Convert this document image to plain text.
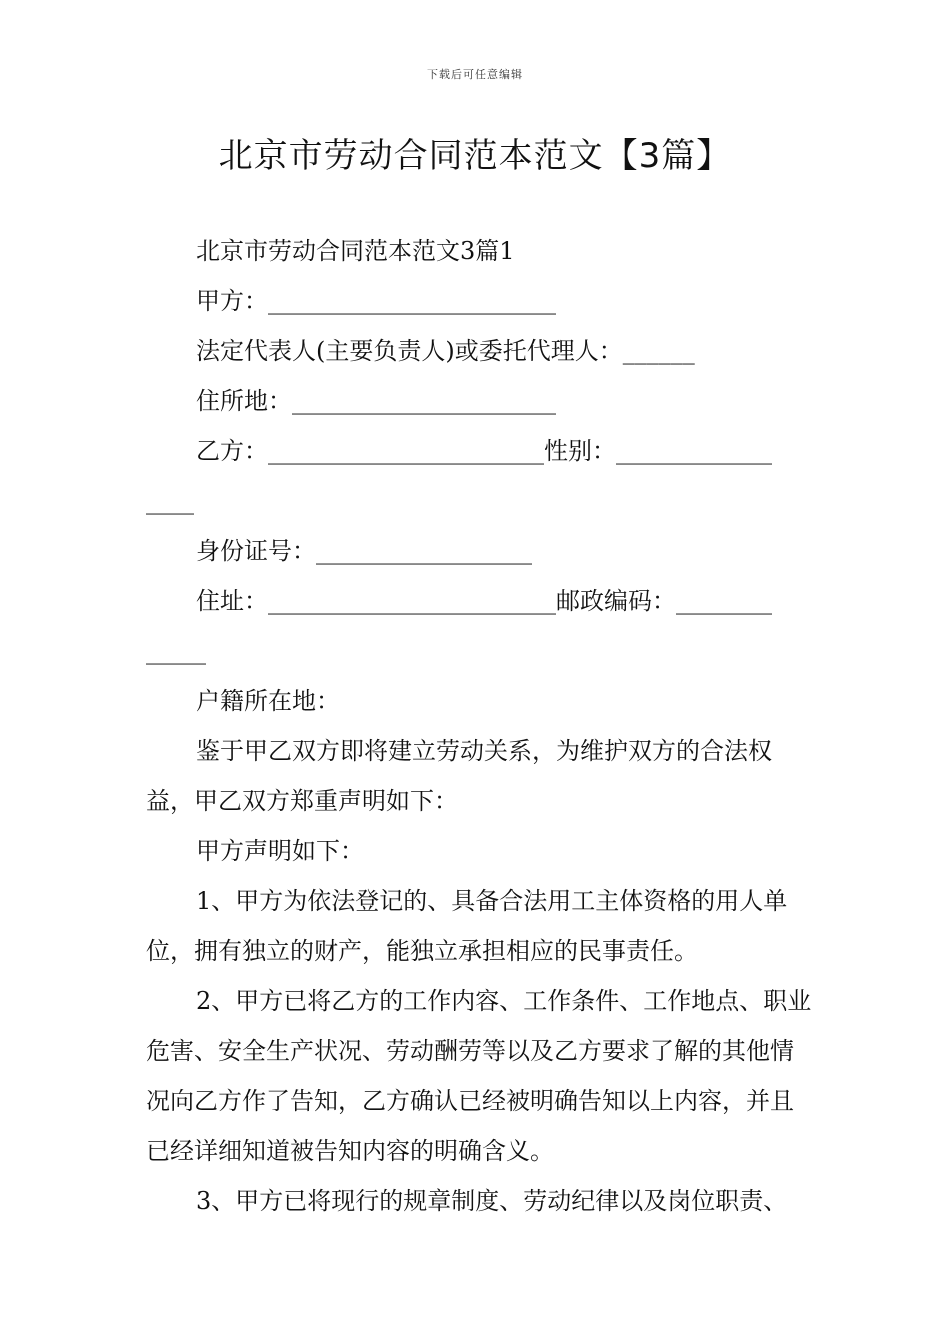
下载后可任意编辑
北京市劳动合同范本范文【3篇】
北京市劳动合同范本范文3篇1
甲方：________________________
法定代表人(主要负责人)或委托代理人：______
住所地：______________________
乙方：_______________________性别：_____________
____
身份证号：__________________
住址：________________________邮政编码：________
_____
户籍所在地：
鉴于甲乙双方即将建立劳动关系，为维护双方的合法权益，甲乙双方郑重声明如下：
甲方声明如下：
1、甲方为依法登记的、具备合法用工主体资格的用人单位，拥有独立的财产，能独立承担相应的民事责任。
2、甲方已将乙方的工作内容、工作条件、工作地点、职业危害、安全生产状况、劳动酬劳等以及乙方要求了解的其他情况向乙方作了告知，乙方确认已经被明确告知以上内容，并且已经详细知道被告知内容的明确含义。
3、甲方已将现行的规章制度、劳动纪律以及岗位职责、
